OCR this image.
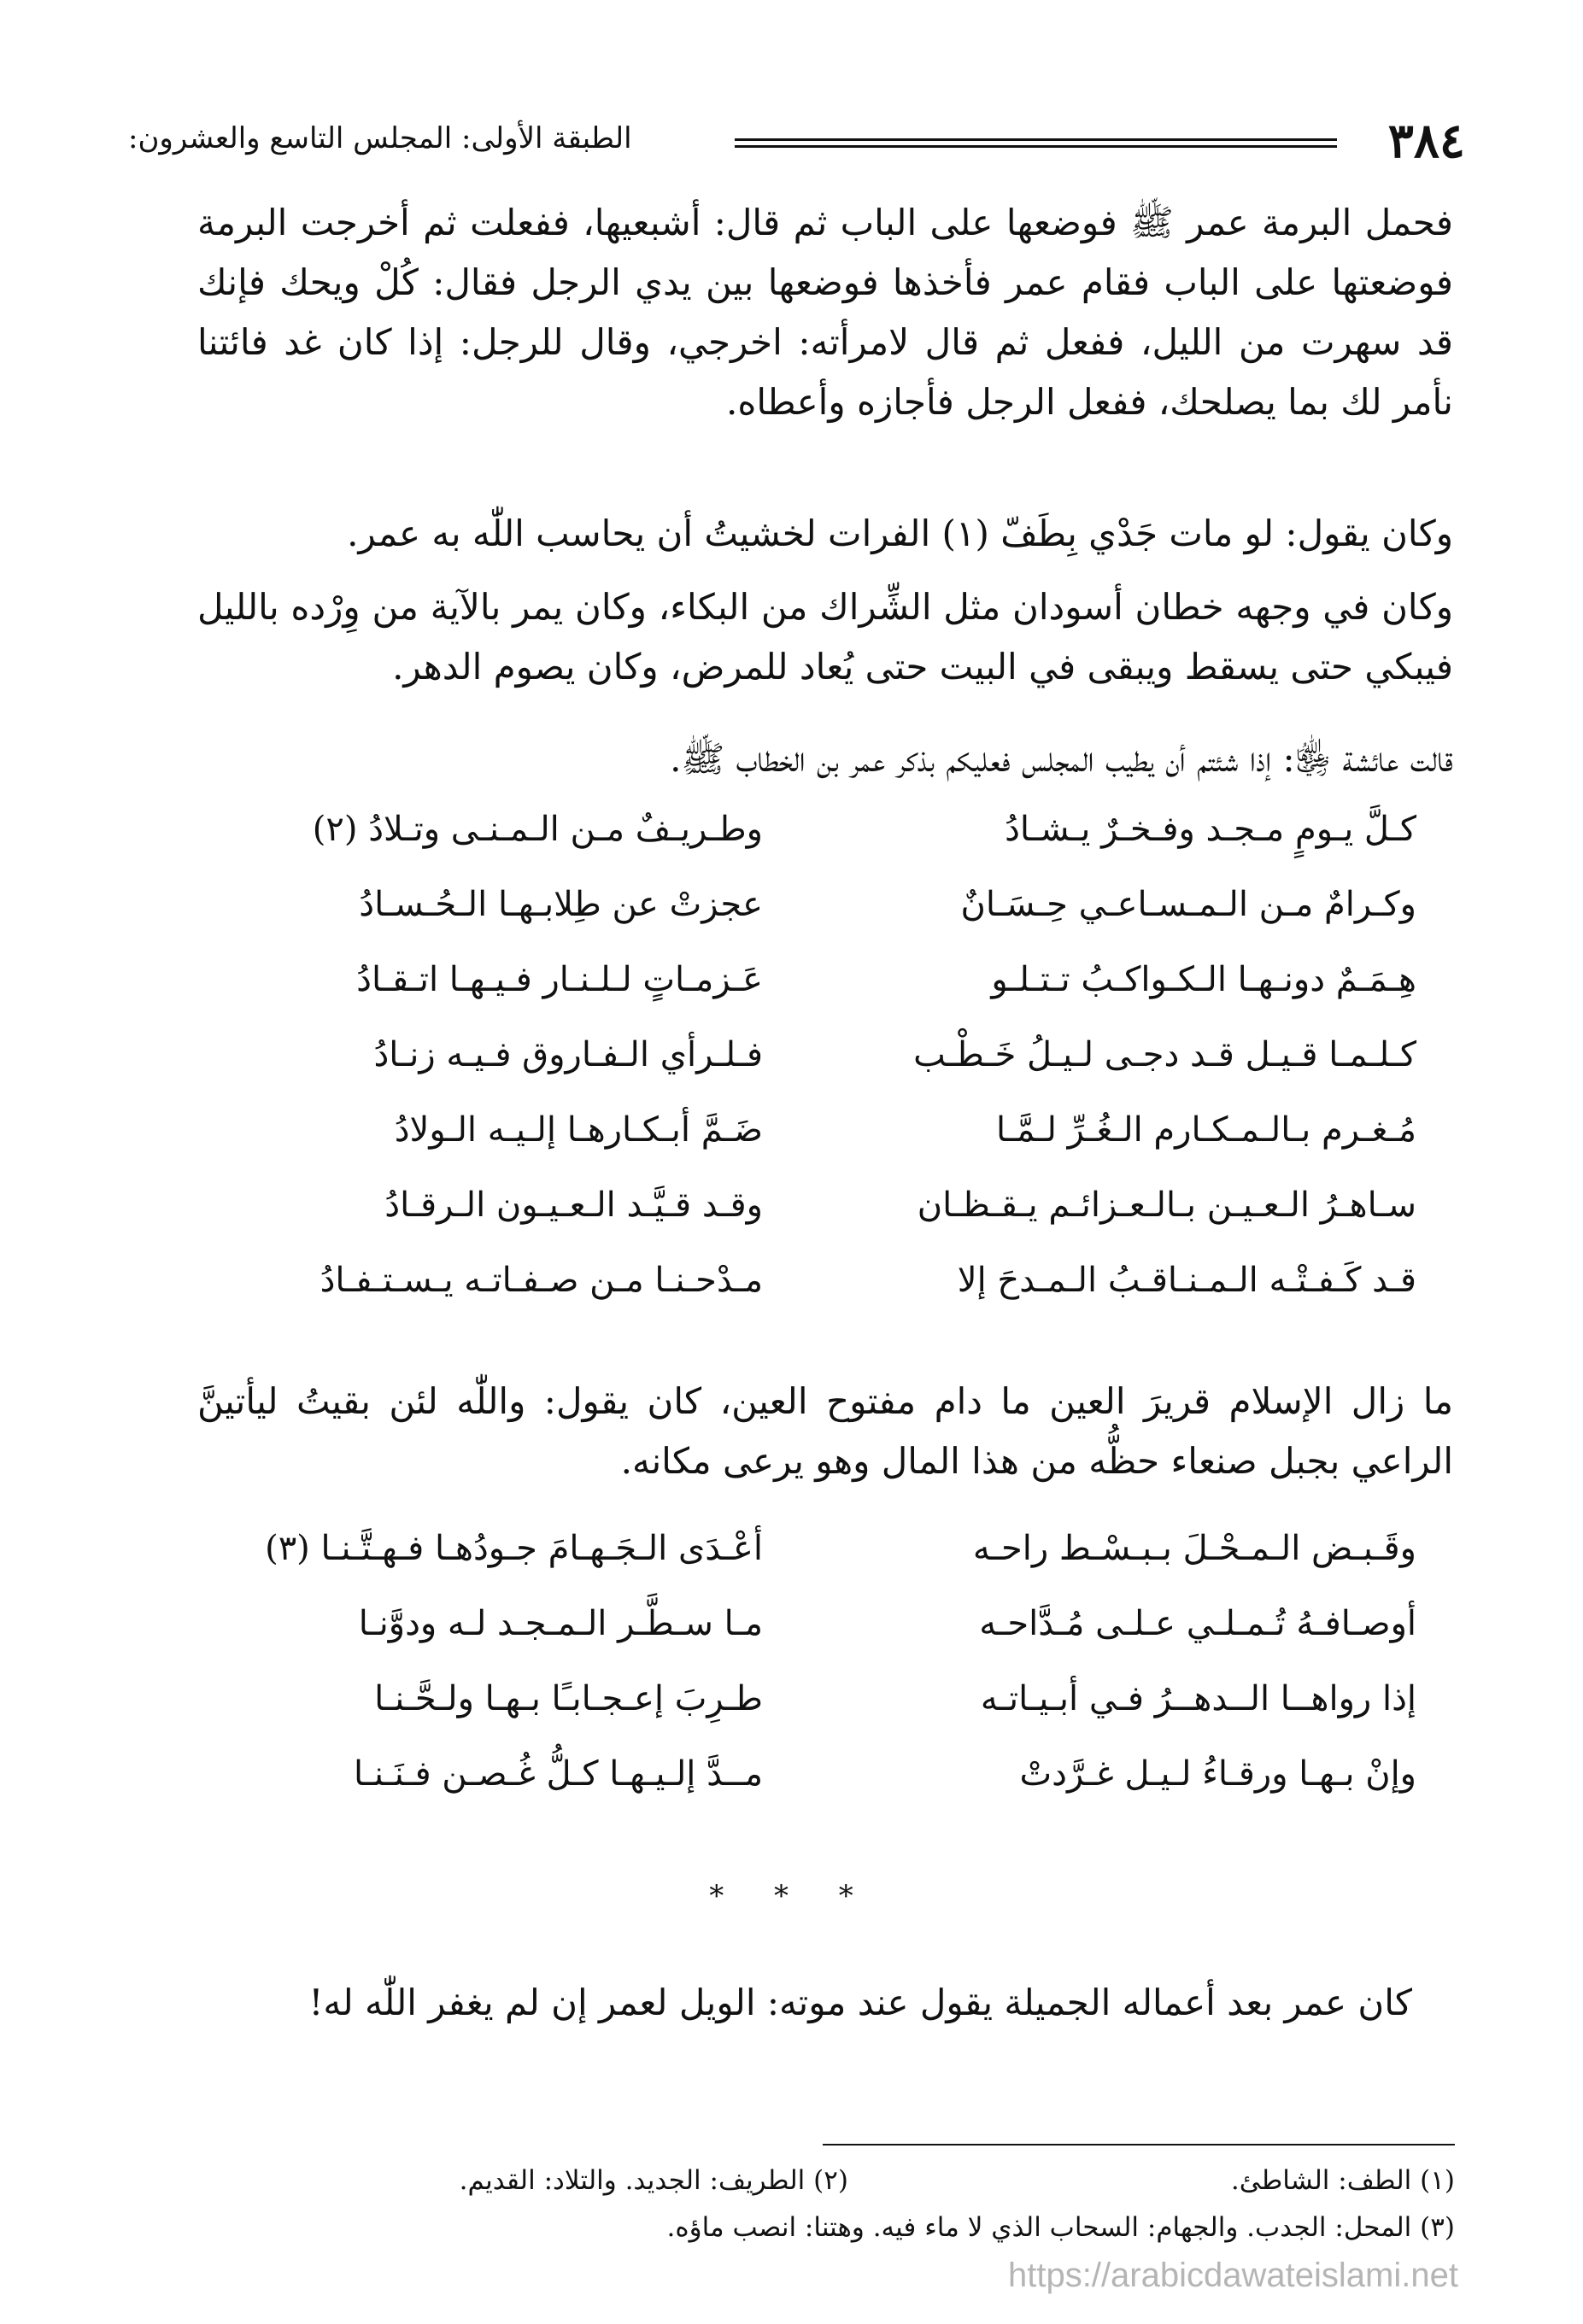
٣٨٤
الطبقة الأولى: المجلس التاسع والعشرون:

فحمل البرمة عمر ﷺ فوضعها على الباب ثم قال: أشبعيها، ففعلت ثم أخرجت البرمة فوضعتها على الباب فقام عمر فأخذها فوضعها بين يدي الرجل فقال: كُلْ ويحك فإنك قد سهرت من الليل، ففعل ثم قال لامرأته: اخرجي، وقال للرجل: إذا كان غد فائتنا نأمر لك بما يصلحك، ففعل الرجل فأجازه وأعطاه.

وكان يقول: لو مات جَدْي بِطَفّ (١) الفرات لخشيتُ أن يحاسب اللّٰه به عمر.

وكان في وجهه خطان أسودان مثل الشِّراك من البكاء، وكان يمر بالآية من وِرْده بالليل فيبكي حتى يسقط ويبقى في البيت حتى يُعاد للمرض، وكان يصوم الدهر.

قالت عائشة ﵂: إذا شئتم أن يطيب المجلس فعليكم بذكر عمر بن الخطاب ﷺ.

كـلَّ يـومٍ مـجـد وفـخـرٌ يـشـادُ
وطـريـفٌ مـن الـمـنـى وتـلادُ (٢)
وكـرامٌ مـن الـمـسـاعـي حِـسَـانٌ
عجزتْ عن طِلابـهـا الـحُـسـادُ
هِـمَـمٌ دونـهـا الـكـواكـبُ تـتـلـو
عَـزمـاتٍ لـلـنـار فـيـهـا اتـقـادُ
كـلـمـا قـيـل قـد دجـى لـيـلُ خَـطْـب
فـلـرأي الـفـاروق فـيـه زنـادُ
مُـغـرم بـالـمـكـارم الـغُـرِّ لـمَّـا
ضَـمَّ أبـكـارهـا إلـيـه الـولادُ
سـاهـرُ الـعـيـن بـالـعـزائـم يـقـظـان
وقـد قـيَّـد الـعـيـون الـرقـادُ
قـد كَـفـتْـه الـمـنـاقـبُ الـمـدحَ إلا
مـدْحـنـا مـن صـفـاتـه يـسـتـفـادُ

ما زال الإسلام قريرَ العين ما دام مفتوح العين، كان يقول: واللّٰه لئن بقيتُ ليأتينَّ الراعي بجبل صنعاء حظُّه من هذا المال وهو يرعى مكانه.

وقَـبـض الـمـحْـلَ بـبـسْـط راحـه
أعْـدَى الـجَـهـامَ جـودُهـا فـهـتَّـنـا (٣)
أوصـافـهُ تُـمـلـي عـلـى مُـدَّاحـه
مـا سـطَّـر الـمـجـد لـه ودوَّنـا
إذا رواهــا الــدهــرُ فـي أبـيـاتـه
طـرِبَ إعـجـابـًا بـهـا ولـحَّـنـا
وإنْ بـهـا ورقـاءُ لـيـل غـرَّدتْ
مــدَّ إلـيـهـا كـلُّ غُـصـن فـنَـنـا
* * *

كان عمر بعد أعماله الجميلة يقول عند موته: الويل لعمر إن لم يغفر اللّٰه له!

(١) الطف: الشاطئ.
(٢) الطريف: الجديد. والتلاد: القديم.
(٣) المحل: الجدب. والجهام: السحاب الذي لا ماء فيه. وهتنا: انصب ماؤه.
https://arabicdawateislami.net
